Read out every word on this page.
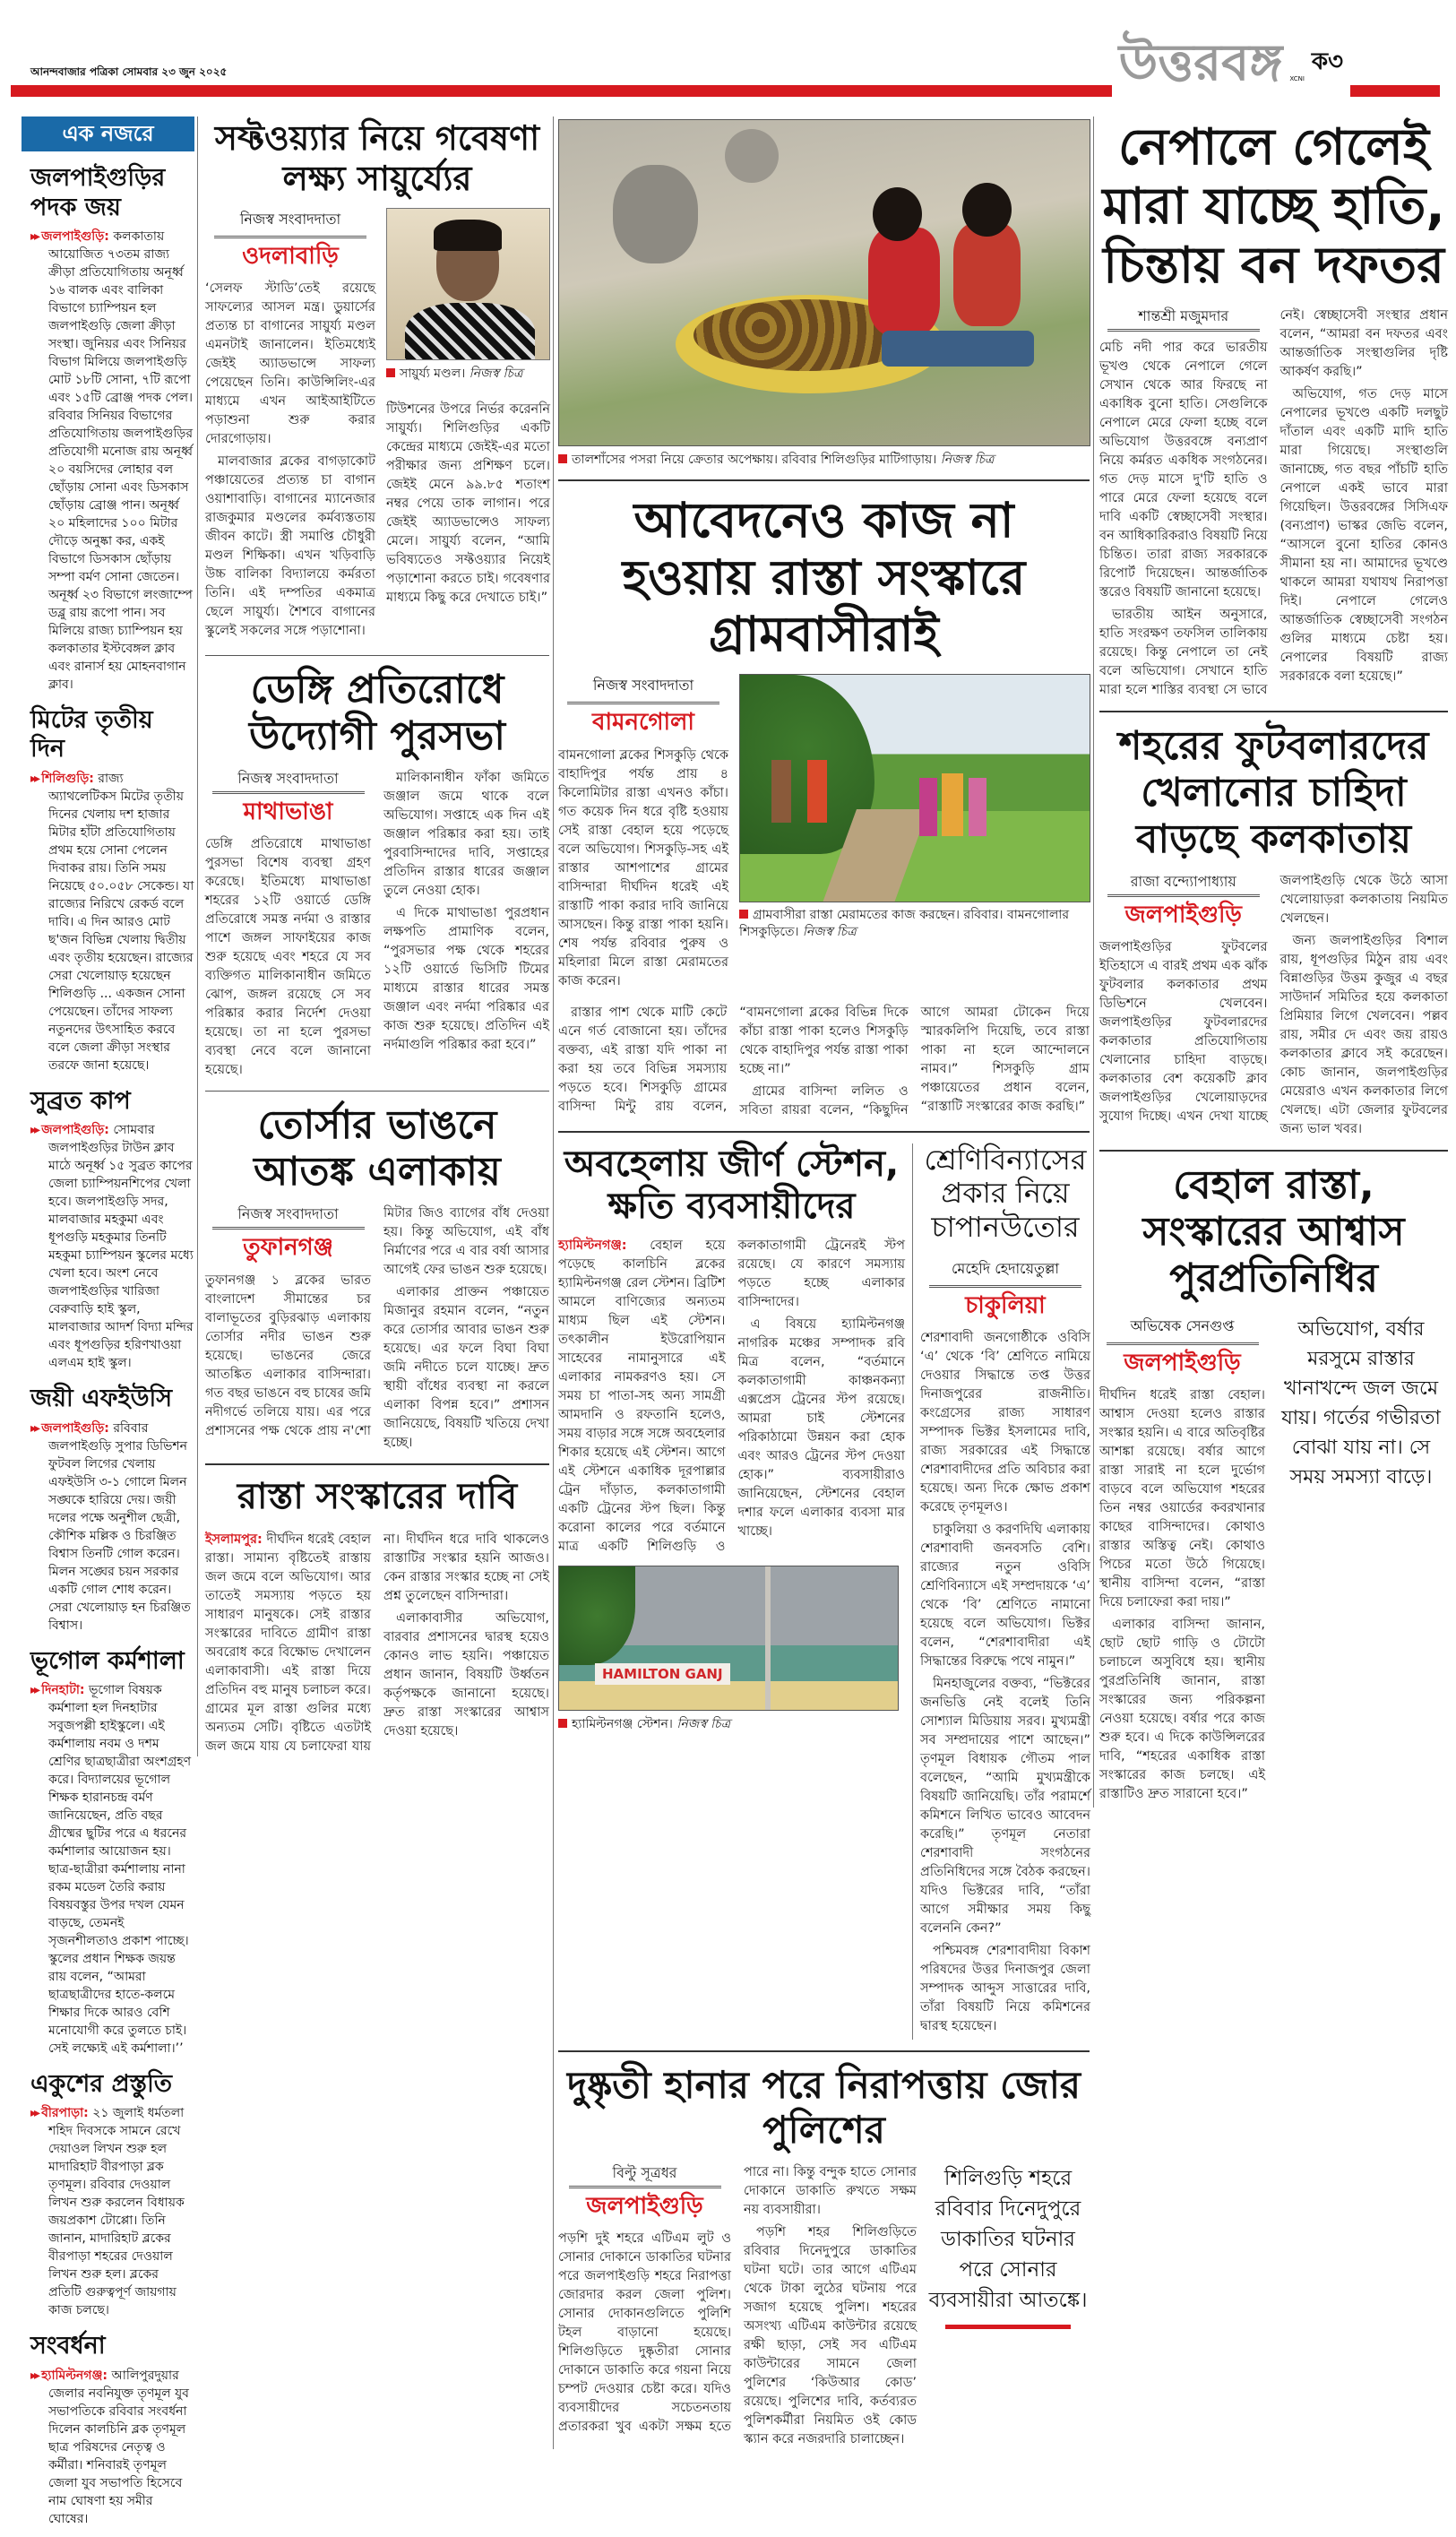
আনন্দবাজার পত্রিকা সোমবার ২৩ জুন ২০২৫	উত্তরবঙ্গ XCNI
ক৩
এক নজরে
জলপাইগুড়ির পদক জয়
▸▸ জলপাইগুড়ি: কলকাতায় আয়োজিত ৭৩তম রাজ্য ক্রীড়া প্রতিযোগিতায় অনূর্ধ্ব ১৬ বালক এবং বালিকা বিভাগে চ্যাম্পিয়ন হল জলপাইগুড়ি জেলা ক্রীড়া সংস্থা। জুনিয়র এবং সিনিয়র বিভাগ মিলিয়ে জলপাইগুড়ি মোট ১৮টি সোনা, ৭টি রূপো এবং ১৫টি ব্রোঞ্জ পদক পেল। রবিবার সিনিয়র বিভাগের প্রতিযোগিতায় জলপাইগুড়ির প্রতিযোগী মনোজ রায় অনূর্ধ্ব ২০ বয়সিদের লোহার বল ছোঁড়ায় সোনা এবং ডিসকাস ছোঁড়ায় ব্রোঞ্জ পান। অনূর্ধ্ব ২০ মহিলাদের ১০০ মিটার দৌড়ে অনুষ্কা কর, একই বিভাগে ডিসকাস ছোঁড়ায় সম্পা বর্মণ সোনা জেতেন। অনূর্ধ্ব ২৩ বিভাগে লংজাম্পে ডব্লু রায় রূপো পান। সব মিলিয়ে রাজ্য চ্যাম্পিয়ন হয় কলকাতার ইস্টবেঙ্গল ক্লাব এবং রানার্স হয় মোহনবাগান ক্লাব।
মিটের তৃতীয় দিন
▸▸ শিলিগুড়ি: রাজ্য অ্যাথলেটিকস মিটের তৃতীয় দিনের খেলায় দশ হাজার মিটার হাঁটা প্রতিযোগিতায় প্রথম হয়ে সোনা পেলেন দিবাকর রায়। তিনি সময় নিয়েছে ৫০.০৫৮ সেকেন্ড। যা রাজ্যের নিরিখে রেকর্ড বলে দাবি। এ দিন আরও মোট ছ'জন বিভিন্ন খেলায় দ্বিতীয় এবং তৃতীয় হয়েছেন। রাজ্যের সেরা খেলোয়াড় হয়েছেন শিলিগুড়ি ... একজন সোনা পেয়েছেন। তাঁদের সাফল্য নতুনদের উৎসাহিত করবে বলে জেলা ক্রীড়া সংস্থার তরফে জানা হয়েছে।
সুব্রত কাপ
▸▸ জলপাইগুড়ি: সোমবার জলপাইগুড়ির টাউন ক্লাব মাঠে অনূর্ধ্ব ১৫ সুব্রত কাপের জেলা চ্যাম্পিয়নশিপের খেলা হবে। জলপাইগুড়ি সদর, মালবাজার মহকুমা এবং ধূপগুড়ি মহকুমার তিনটি মহকুমা চ্যাম্পিয়ন স্কুলের মধ্যে খেলা হবে। অংশ নেবে জলপাইগুড়ির খারিজা বেরুবাড়ি হাই স্কুল, মালবাজার আদর্শ বিদ্যা মন্দির এবং ধূপগুড়ির হরিণখাওয়া এলএম হাই স্কুল।
জয়ী এফইউসি
▸▸ জলপাইগুড়ি: রবিবার জলপাইগুড়ি সুপার ডিভিশন ফুটবল লিগের খেলায় এফইউসি ৩-১ গোলে মিলন সঙ্ঘকে হারিয়ে দেয়। জয়ী দলের পক্ষে অনুশীল ছেত্রী, কৌশিক মল্লিক ও চিরঞ্জিত বিশ্বাস তিনটি গোল করেন। মিলন সঙ্ঘের চয়ন সরকার একটি গোল শোধ করেন। সেরা খেলোয়াড় হন চিরঞ্জিত বিশ্বাস।
ভূগোল কর্মশালা
▸▸ দিনহাটা: ভূগোল বিষয়ক কর্মশালা হল দিনহাটার সবুজপল্লী হাইস্কুলে। এই কর্মশালায় নবম ও দশম শ্রেণির ছাত্রছাত্রীরা অংশগ্রহণ করে। বিদ্যালয়ের ভূগোল শিক্ষক হারানচন্দ্র বর্মণ জানিয়েছেন, প্রতি বছর গ্রীষ্মের ছুটির পরে এ ধরনের কর্মশালার আয়োজন হয়। ছাত্র-ছাত্রীরা কর্মশালায় নানা রকম মডেল তৈরি করায় বিষয়বস্তুর উপর দখল যেমন বাড়ছে, তেমনই সৃজনশীলতাও প্রকাশ পাচ্ছে। স্কুলের প্রধান শিক্ষক জয়ন্ত রায় বলেন, “আমরা ছাত্রছাত্রীদের হাতে-কলমে শিক্ষার দিকে আরও বেশি মনোযোগী করে তুলতে চাই। সেই লক্ষ্যেই এই কর্মশালা।’’
একুশের প্রস্তুতি
▸▸ বীরপাড়া: ২১ জুলাই ধর্মতলা শহিদ দিবসকে সামনে রেখে দেয়াওল লিখন শুরু হল মাদারিহাট বীরপাড়া ব্লক তৃণমূল। রবিবার দেওয়াল লিখন শুরু করলেন বিধায়ক জয়প্রকাশ টোপ্পো। তিনি জানান, মাদারিহাট ব্লকের বীরপাড়া শহরের দেওয়াল লিখন শুরু হল। ব্লকের প্রতিটি গুরুত্বপূর্ণ জায়গায় কাজ চলছে।
সংবর্ধনা
▸▸ হ্যামিল্টনগঞ্জ: আলিপুরদুয়ার জেলার নবনিযুক্ত তৃণমূল যুব সভাপতিকে রবিবার সংবর্ধনা দিলেন কালচিনি ব্লক তৃণমূল ছাত্র পরিষদের নেতৃত্ব ও কর্মীরা। শনিবারই তৃণমূল জেলা যুব সভাপতি হিসেবে নাম ঘোষণা হয় সমীর ঘোষের।
সফ্টওয়্যার নিয়ে গবেষণা লক্ষ্য সায়ুর্য্যের
নিজস্ব সংবাদদাতা
ওদলাবাড়ি

‘সেলফ স্টাডি’তেই রয়েছে সাফল্যের আসল মন্ত্র। ডুয়ার্সের প্রত্যন্ত চা বাগানের সায়ুর্য্য মণ্ডল এমনটাই জানালেন। ইতিমধ্যেই জেইই অ্যাডভান্সে সাফল্য পেয়েছেন তিনি। কাউন্সিলিং-এর মাধ্যমে এখন আইআইটিতে পড়াশুনা শুরু করার দোরগোড়ায়।

মালবাজার ব্লকের বাগড়াকোট পঞ্চায়েতের প্রত্যন্ত চা বাগান ওয়াশাবাড়ি। বাগানের ম্যানেজার রাজকুমার মণ্ডলের কর্মব্যস্ততায় জীবন কাটে। স্ত্রী সমাপ্তি চৌধুরী মণ্ডল শিক্ষিকা। এখন খড়িবাড়ি উচ্চ বালিকা বিদ্যালয়ে কর্মরতা তিনি। এই দম্পতির একমাত্র ছেলে সায়ুর্য্য। শৈশবে বাগানের স্কুলেই সকলের সঙ্গে পড়াশোনা।

সায়ুর্য্য মণ্ডল। নিজস্ব চিত্র

টিউশনের উপরে নির্ভর করেননি সায়ুর্য্য। শিলিগুড়ির একটি কেন্দ্রের মাধ্যমে জেইই-এর মতো পরীক্ষার জন্য প্রশিক্ষণ চলে। জেইই মেনে ৯৯.৮৫ শতাংশ নম্বর পেয়ে তাক লাগান। পরে জেইই অ্যাডভান্সেও সাফল্য মেলে। সায়ুর্য্য বলেন, “আমি ভবিষ্যতেও সফ্টওয়্যার নিয়েই পড়াশোনা করতে চাই। গবেষণার মাধ্যমে কিছু করে দেখাতে চাই।”

ডেঙ্গি প্রতিরোধে উদ্যোগী পুরসভা
নিজস্ব সংবাদদাতা
মাথাভাঙা

ডেঙ্গি প্রতিরোধে মাথাভাঙা পুরসভা বিশেষ ব্যবস্থা গ্রহণ করেছে। ইতিমধ্যে মাথাভাঙা শহরের ১২টি ওয়ার্ডে ডেঙ্গি প্রতিরোধে সমস্ত নর্দমা ও রাস্তার পাশে জঙ্গল সাফাইয়ের কাজ শুরু হয়েছে এবং শহরে যে সব ব্যক্তিগত মালিকানাধীন জমিতে ঝোপ, জঙ্গল রয়েছে সে সব পরিষ্কার করার নির্দেশ দেওয়া হয়েছে। তা না হলে পুরসভা ব্যবস্থা নেবে বলে জানানো হয়েছে।

মালিকানাধীন ফাঁকা জমিতে জঞ্জাল জমে থাকে বলে অভিযোগ। সপ্তাহে এক দিন এই জঞ্জাল পরিষ্কার করা হয়। তাই পুরবাসিন্দাদের দাবি, সপ্তাহের প্রতিদিন রাস্তার ধারের জঞ্জাল তুলে নেওয়া হোক।

এ দিকে মাথাভাঙা পুরপ্রধান লক্ষপতি প্রামাণিক বলেন, “পুরসভার পক্ষ থেকে শহরের ১২টি ওয়ার্ডে ভিসিটি টিমের মাধ্যমে রাস্তার ধারের সমস্ত জঞ্জাল এবং নর্দমা পরিষ্কার এর কাজ শুরু হয়েছে। প্রতিদিন এই নর্দমাগুলি পরিষ্কার করা হবে।”

তোর্সার ভাঙনে আতঙ্ক এলাকায়
নিজস্ব সংবাদদাতা
তুফানগঞ্জ

তুফানগঞ্জ ১ ব্লকের ভারত বাংলাদেশ সীমান্তের চর বালাভূতের বুড়িরঝাড় এলাকায় তোর্সার নদীর ভাঙন শুরু হয়েছে। ভাঙনের জেরে আতঙ্কিত এলাকার বাসিন্দারা। গত বছর ভাঙনে বহু চাষের জমি নদীগর্ভে তলিয়ে যায়। এর পরে প্রশাসনের পক্ষ থেকে প্রায় ন'শো মিটার জিও ব্যাগের বাঁধ দেওয়া হয়। কিন্তু অভিযোগ, এই বাঁধ নির্মাণের পরে এ বার বর্ষা আসার আগেই ফের ভাঙন শুরু হয়েছে।

এলাকার প্রাক্তন পঞ্চায়েত মিজানুর রহমান বলেন, “নতুন করে তোর্সার আবার ভাঙন শুরু হয়েছে। এর ফলে বিঘা বিঘা জমি নদীতে চলে যাচ্ছে। দ্রুত স্থায়ী বাঁধের ব্যবস্থা না করলে এলাকা বিপন্ন হবে।” প্রশাসন জানিয়েছে, বিষয়টি খতিয়ে দেখা হচ্ছে।

রাস্তা সংস্কারের দাবি

ইসলামপুর: দীর্ঘদিন ধরেই বেহাল রাস্তা। সামান্য বৃষ্টিতেই রাস্তায় জল জমে বলে অভিযোগ। আর তাতেই সমস্যায় পড়তে হয় সাধারণ মানুষকে। সেই রাস্তার সংস্কারের দাবিতে গ্রামীণ রাস্তা অবরোধ করে বিক্ষোভ দেখালেন এলাকাবাসী। এই রাস্তা দিয়ে প্রতিদিন বহু মানুষ চলাচল করে। গ্রামের মূল রাস্তা গুলির মধ্যে অন্যতম সেটি। বৃষ্টিতে এতটাই জল জমে যায় যে চলাফেরা যায় না। দীর্ঘদিন ধরে দাবি থাকলেও রাস্তাটির সংস্কার হয়নি আজও। কেন রাস্তার সংস্কার হচ্ছে না সেই প্রশ্ন তুলেছেন বাসিন্দারা।

এলাকাবাসীর অভিযোগ, বারবার প্রশাসনের দ্বারস্থ হয়েও কোনও লাভ হয়নি। পঞ্চায়েত প্রধান জানান, বিষয়টি উর্ধ্বতন কর্তৃপক্ষকে জানানো হয়েছে। দ্রুত রাস্তা সংস্কারের আশ্বাস দেওয়া হয়েছে।

তালশাঁসের পসরা নিয়ে ক্রেতার অপেক্ষায়। রবিবার শিলিগুড়ির মাটিগাড়ায়। নিজস্ব চিত্র
আবেদনেও কাজ না হওয়ায় রাস্তা সংস্কারে গ্রামবাসীরাই
নিজস্ব সংবাদদাতা
বামনগোলা

বামনগোলা ব্লকের শিসকুড়ি থেকে বাহাদিপুর পর্যন্ত প্রায় ৪ কিলোমিটার রাস্তা এখনও কাঁচা। গত কয়েক দিন ধরে বৃষ্টি হওয়ায় সেই রাস্তা বেহাল হয়ে পড়েছে বলে অভিযোগ। শিসকুড়ি-সহ এই রাস্তার আশপাশের গ্রামের বাসিন্দারা দীর্ঘদিন ধরেই এই রাস্তাটি পাকা করার দাবি জানিয়ে আসছেন। কিন্তু রাস্তা পাকা হয়নি। শেষ পর্যন্ত রবিবার পুরুষ ও মহিলারা মিলে রাস্তা মেরামতের কাজ করেন।

গ্রামবাসীরা রাস্তা মেরামতের কাজ করছেন। রবিবার। বামনগোলার শিসকুড়িতে। নিজস্ব চিত্র

রাস্তার পাশ থেকে মাটি কেটে এনে গর্ত বোজানো হয়। তাঁদের বক্তব্য, এই রাস্তা যদি পাকা না করা হয় তবে বিভিন্ন সমস্যায় পড়তে হবে। শিসকুড়ি গ্রামের বাসিন্দা মিন্টু রায় বলেন, “বামনগোলা ব্লকের বিভিন্ন দিকে কাঁচা রাস্তা পাকা হলেও শিসকুড়ি থেকে বাহাদিপুর পর্যন্ত রাস্তা পাকা হচ্ছে না।”

গ্রামের বাসিন্দা ললিত ও সবিতা রায়রা বলেন, “কিছুদিন আগে আমরা টোকেন দিয়ে স্মারকলিপি দিয়েছি, তবে রাস্তা পাকা না হলে আন্দোলনে নামব।” শিসকুড়ি গ্রাম পঞ্চায়েতের প্রধান বলেন, “রাস্তাটি সংস্কারের কাজ করছি।”

অবহেলায় জীর্ণ স্টেশন, ক্ষতি ব্যবসায়ীদের

হ্যামিল্টনগঞ্জ: বেহাল হয়ে পড়েছে কালচিনি ব্লকের হ্যামিল্টনগঞ্জ রেল স্টেশন। ব্রিটিশ আমলে বাণিজ্যের অন্যতম মাধ্যম ছিল এই স্টেশন। তৎকালীন ইউরোপিয়ান সাহেবের নামানুসারে এই এলাকার নামকরণও হয়। সে সময় চা পাতা-সহ অন্য সামগ্রী আমদানি ও রফতানি হলেও, সময় বাড়ার সঙ্গে সঙ্গে অবহেলার শিকার হয়েছে এই স্টেশন। আগে এই স্টেশনে একাধিক দূরপাল্লার ট্রেন দাঁড়াত, কলকাতাগামী একটি ট্রেনের স্টপ ছিল। কিন্তু করোনা কালের পরে বর্তমানে মাত্র একটি শিলিগুড়ি ও কলকাতাগামী ট্রেনেরই স্টপ রয়েছে। যে কারণে সমস্যায় পড়তে হচ্ছে এলাকার বাসিন্দাদের।

এ বিষয়ে হ্যামিল্টনগঞ্জ নাগরিক মঞ্চের সম্পাদক রবি মিত্র বলেন, “বর্তমানে কলকাতাগামী কাঞ্চনকন্যা এক্সপ্রেস ট্রেনের স্টপ রয়েছে। আমরা চাই স্টেশনের পরিকাঠামো উন্নয়ন করা হোক এবং আরও ট্রেনের স্টপ দেওয়া হোক।” ব্যবসায়ীরাও জানিয়েছেন, স্টেশনের বেহাল দশার ফলে এলাকার ব্যবসা মার খাচ্ছে।

HAMILTON GANJ
হ্যামিল্টনগঞ্জ স্টেশন। নিজস্ব চিত্র
শ্রেণিবিন্যাসের প্রকার নিয়ে চাপানউতোর
মেহেদি হেদায়েতুল্লা
চাকুলিয়া

শেরশাবাদী জনগোষ্ঠীকে ওবিসি ‘এ’ থেকে ‘বি’ শ্রেণিতে নামিয়ে দেওয়ার সিদ্ধান্তে তপ্ত উত্তর দিনাজপুরের রাজনীতি। কংগ্রেসের রাজ্য সাধারণ সম্পাদক ভিক্টর ইসলামের দাবি, রাজ্য সরকারের এই সিদ্ধান্তে শেরশাবাদীদের প্রতি অবিচার করা হয়েছে। অন্য দিকে ক্ষোভ প্রকাশ করেছে তৃণমূলও।

চাকুলিয়া ও করণদিঘি এলাকায় শেরশাবাদী জনবসতি বেশি। রাজ্যের নতুন ওবিসি শ্রেণিবিন্যাসে এই সম্প্রদায়কে ‘এ’ থেকে ‘বি’ শ্রেণিতে নামানো হয়েছে বলে অভিযোগ। ভিক্টর বলেন, “শেরশাবাদীরা এই সিদ্ধান্তের বিরুদ্ধে পথে নামুন।”

মিনহাজুলের বক্তব্য, “ভিক্টরের জনভিত্তি নেই বলেই তিনি সোশ্যাল মিডিয়ায় সরব। মুখ্যমন্ত্রী সব সম্প্রদায়ের পাশে আছেন।” তৃণমূল বিধায়ক গৌতম পাল বলেছেন, “আমি মুখ্যমন্ত্রীকে বিষয়টি জানিয়েছি। তাঁর পরামর্শে কমিশনে লিখিত ভাবেও আবেদন করেছি।” তৃণমূল নেতারা শেরশাবাদী সংগঠনের প্রতিনিধিদের সঙ্গে বৈঠক করছেন। যদিও ভিক্টরের দাবি, “তাঁরা আগে সমীক্ষার সময় কিছু বলেননি কেন?”

পশ্চিমবঙ্গ শেরশাবাদীয়া বিকাশ পরিষদের উত্তর দিনাজপুর জেলা সম্পাদক আব্দুস সাত্তারের দাবি, তাঁরা বিষয়টি নিয়ে কমিশনের দ্বারস্থ হয়েছেন।

দুষ্কৃতী হানার পরে নিরাপত্তায় জোর পুলিশের
বিল্টু সূত্রধর
জলপাইগুড়ি

পড়শি দুই শহরে এটিএম লুট ও সোনার দোকানে ডাকাতির ঘটনার পরে জলপাইগুড়ি শহরে নিরাপত্তা জোরদার করল জেলা পুলিশ। সোনার দোকানগুলিতে পুলিশি টহল বাড়ানো হয়েছে। শিলিগুড়িতে দুষ্কৃতীরা সোনার দোকানে ডাকাতি করে গয়না নিয়ে চম্পট দেওয়ার চেষ্টা করে। যদিও ব্যবসায়ীদের সচেতনতায় প্রতারকরা খুব একটা সক্ষম হতে পারে না। কিন্তু বন্দুক হাতে সোনার দোকানে ডাকাতি রুখতে সক্ষম নয় ব্যবসায়ীরা।

পড়শি শহর শিলিগুড়িতে রবিবার দিনেদুপুরে ডাকাতির ঘটনা ঘটে। তার আগে এটিএম থেকে টাকা লুঠের ঘটনায় পরে সজাগ হয়েছে পুলিশ। শহরের অসংখ্য এটিএম কাউন্টার রয়েছে রক্ষী ছাড়া, সেই সব এটিএম কাউন্টারের সামনে জেলা পুলিশের ‘কিউআর কোড’ রয়েছে। পুলিশের দাবি, কর্তব্যরত পুলিশকর্মীরা নিয়মিত ওই কোড স্ক্যান করে নজরদারি চালাচ্ছেন।

শিলিগুড়ি শহরে রবিবার দিনেদুপুরে ডাকাতির ঘটনার পরে সোনার ব্যবসায়ীরা আতঙ্কে।
নেপালে গেলেই মারা যাচ্ছে হাতি, চিন্তায় বন দফতর
শান্তশ্রী মজুমদার

মেচি নদী পার করে ভারতীয় ভূখণ্ড থেকে নেপালে গেলে সেখান থেকে আর ফিরছে না একাধিক বুনো হাতি। সেগুলিকে নেপালে মেরে ফেলা হচ্ছে বলে অভিযোগ উত্তরবঙ্গে বন্যপ্রাণ নিয়ে কর্মরত একধিক সংগঠনের। গত দেড় মাসে দু'টি হাতি ও পারে মেরে ফেলা হয়েছে বলে দাবি একটি স্বেচ্ছাসেবী সংস্থার। বন আধিকারিকরাও বিষয়টি নিয়ে চিন্তিত। তারা রাজ্য সরকারকে রিপোর্ট দিয়েছেন। আন্তর্জাতিক স্তরেও বিষয়টি জানানো হয়েছে।

ভারতীয় আইন অনুসারে, হাতি সংরক্ষণ তফসিল তালিকায় রয়েছে। কিন্তু নেপালে তা নেই বলে অভিযোগ। সেখানে হাতি মারা হলে শাস্তির ব্যবস্থা সে ভাবে নেই। স্বেচ্ছাসেবী সংস্থার প্রধান বলেন, “আমরা বন দফতর এবং আন্তর্জাতিক সংস্থাগুলির দৃষ্টি আকর্ষণ করছি।”

অভিযোগ, গত দেড় মাসে নেপালের ভূখণ্ডে একটি দলছুট দাঁতাল এবং একটি মাদি হাতি মারা গিয়েছে। সংস্থাগুলি জানাচ্ছে, গত বছর পাঁচটি হাতি নেপালে একই ভাবে মারা গিয়েছিল। উত্তরবঙ্গের সিসিএফ (বন্যপ্রাণ) ভাস্কর জেভি বলেন, “আসলে বুনো হাতির কোনও সীমানা হয় না। আমাদের ভূখণ্ডে থাকলে আমরা যথাযথ নিরাপত্তা দিই। নেপালে গেলেও আন্তর্জাতিক স্বেচ্ছাসেবী সংগঠন গুলির মাধ্যমে চেষ্টা হয়। নেপালের বিষয়টি রাজ্য সরকারকে বলা হয়েছে।”

শহরের ফুটবলারদের খেলানোর চাহিদা বাড়ছে কলকাতায়
রাজা বন্দ্যোপাধ্যায়
জলপাইগুড়ি

জলপাইগুড়ির ফুটবলের ইতিহাসে এ বারই প্রথম এক ঝাঁক ফুটবলার কলকাতার প্রথম ডিভিশনে খেলবেন। জলপাইগুড়ির ফুটবলারদের কলকাতার প্রতিযোগিতায় খেলানোর চাহিদা বাড়ছে। কলকাতার বেশ কয়েকটি ক্লাব জলপাইগুড়ির খেলোয়াড়দের সুযোগ দিচ্ছে। এখন দেখা যাচ্ছে জলপাইগুড়ি থেকে উঠে আসা খেলোয়াড়রা কলকাতায় নিয়মিত খেলছেন।

জন্য জলপাইগুড়ির বিশাল রায়, ধূপগুড়ির মিঠুন রায় এবং বিন্নাগুড়ির উত্তম কুজুর এ বছর সাউদার্ন সমিতির হয়ে কলকাতা প্রিমিয়ার লিগে খেলবেন। পল্লব রায়, সমীর দে এবং জয় রায়ও কলকাতার ক্লাবে সই করেছেন। কোচ জানান, জলপাইগুড়ির মেয়েরাও এখন কলকাতার লিগে খেলছে। এটা জেলার ফুটবলের জন্য ভাল খবর।

বেহাল রাস্তা, সংস্কারের আশ্বাস পুরপ্রতিনিধির
অভিষেক সেনগুপ্ত
জলপাইগুড়ি

দীর্ঘদিন ধরেই রাস্তা বেহাল। আশ্বাস দেওয়া হলেও রাস্তার সংস্কার হয়নি। এ বারে অতিবৃষ্টির আশঙ্কা রয়েছে। বর্ষার আগে রাস্তা সারাই না হলে দুর্ভোগ বাড়বে বলে অভিযোগ শহরের তিন নম্বর ওয়ার্ডের কবরখানার কাছের বাসিন্দাদের। কোথাও রাস্তার অস্তিত্ব নেই। কোথাও পিচের মতো উঠে গিয়েছে। স্থানীয় বাসিন্দা বলেন, “রাস্তা দিয়ে চলাফেরা করা দায়।”

এলাকার বাসিন্দা জানান, ছোট ছোট গাড়ি ও টোটো চলাচলে অসুবিধে হয়। স্থানীয় পুরপ্রতিনিধি জানান, রাস্তা সংস্কারের জন্য পরিকল্পনা নেওয়া হয়েছে। বর্ষার পরে কাজ শুরু হবে। এ দিকে কাউন্সিলরের দাবি, “শহরের একাধিক রাস্তা সংস্কারের কাজ চলছে। এই রাস্তাটিও দ্রুত সারানো হবে।”

অভিযোগ, বর্ষার মরসুমে রাস্তার খানাখন্দে জল জমে যায়। গর্তের গভীরতা বোঝা যায় না। সে সময় সমস্যা বাড়ে।
